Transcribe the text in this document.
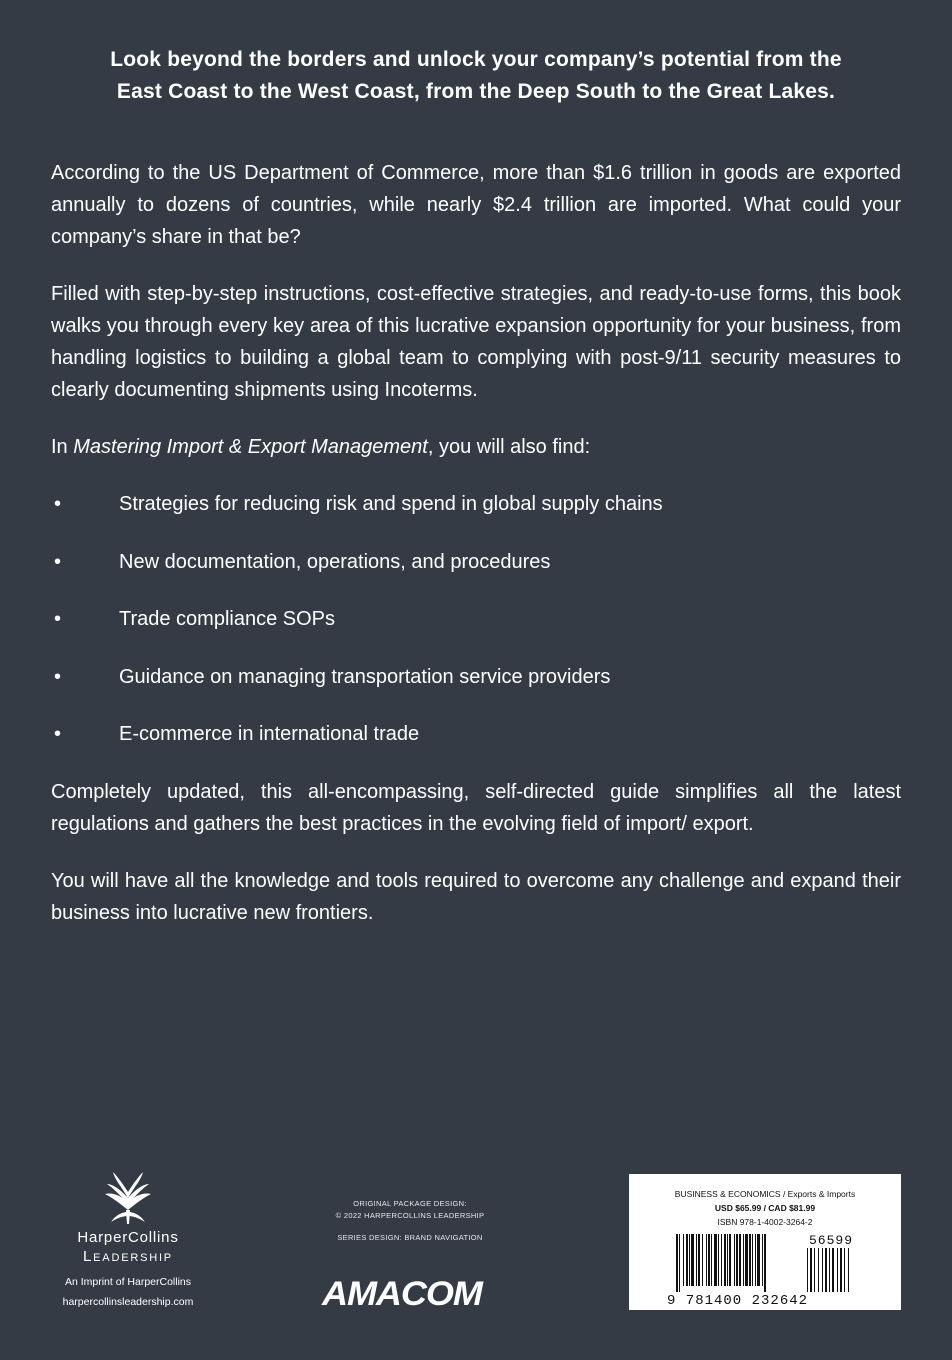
Look beyond the borders and unlock your company’s potential from the
East Coast to the West Coast, from the Deep South to the Great Lakes.

According to the US Department of Commerce, more than $1.6 trillion in goods are exported annually to dozens of countries, while nearly $2.4 trillion are imported. What could your company’s share in that be?

Filled with step-by-step instructions, cost-effective strategies, and ready-to-use forms, this book walks you through every key area of this lucrative expansion opportunity for your business, from handling logistics to building a global team to complying with post-9/11 security measures to clearly documenting shipments using Incoterms.

In Mastering Import & Export Management, you will also find:

•	Strategies for reducing risk and spend in global supply chains
•	New documentation, operations, and procedures
•	Trade compliance SOPs
•	Guidance on managing transportation service providers
•	E-commerce in international trade

Completely updated, this all-encompassing, self-directed guide simplifies all the latest regulations and gathers the best practices in the evolving field of import/ export.

You will have all the knowledge and tools required to overcome any challenge and expand their business into lucrative new frontiers.

HarperCollins
Leadership
An Imprint of HarperCollins
harpercollinsleadership.com
ORIGINAL PACKAGE DESIGN:
© 2022 HARPERCOLLINS LEADERSHIP
SERIES DESIGN: BRAND NAVIGATION
AMACOM
BUSINESS & ECONOMICS / Exports & Imports
USD $65.99 / CAD $81.99
ISBN 978-1-4002-3264-2
9 781400 232642
56599
